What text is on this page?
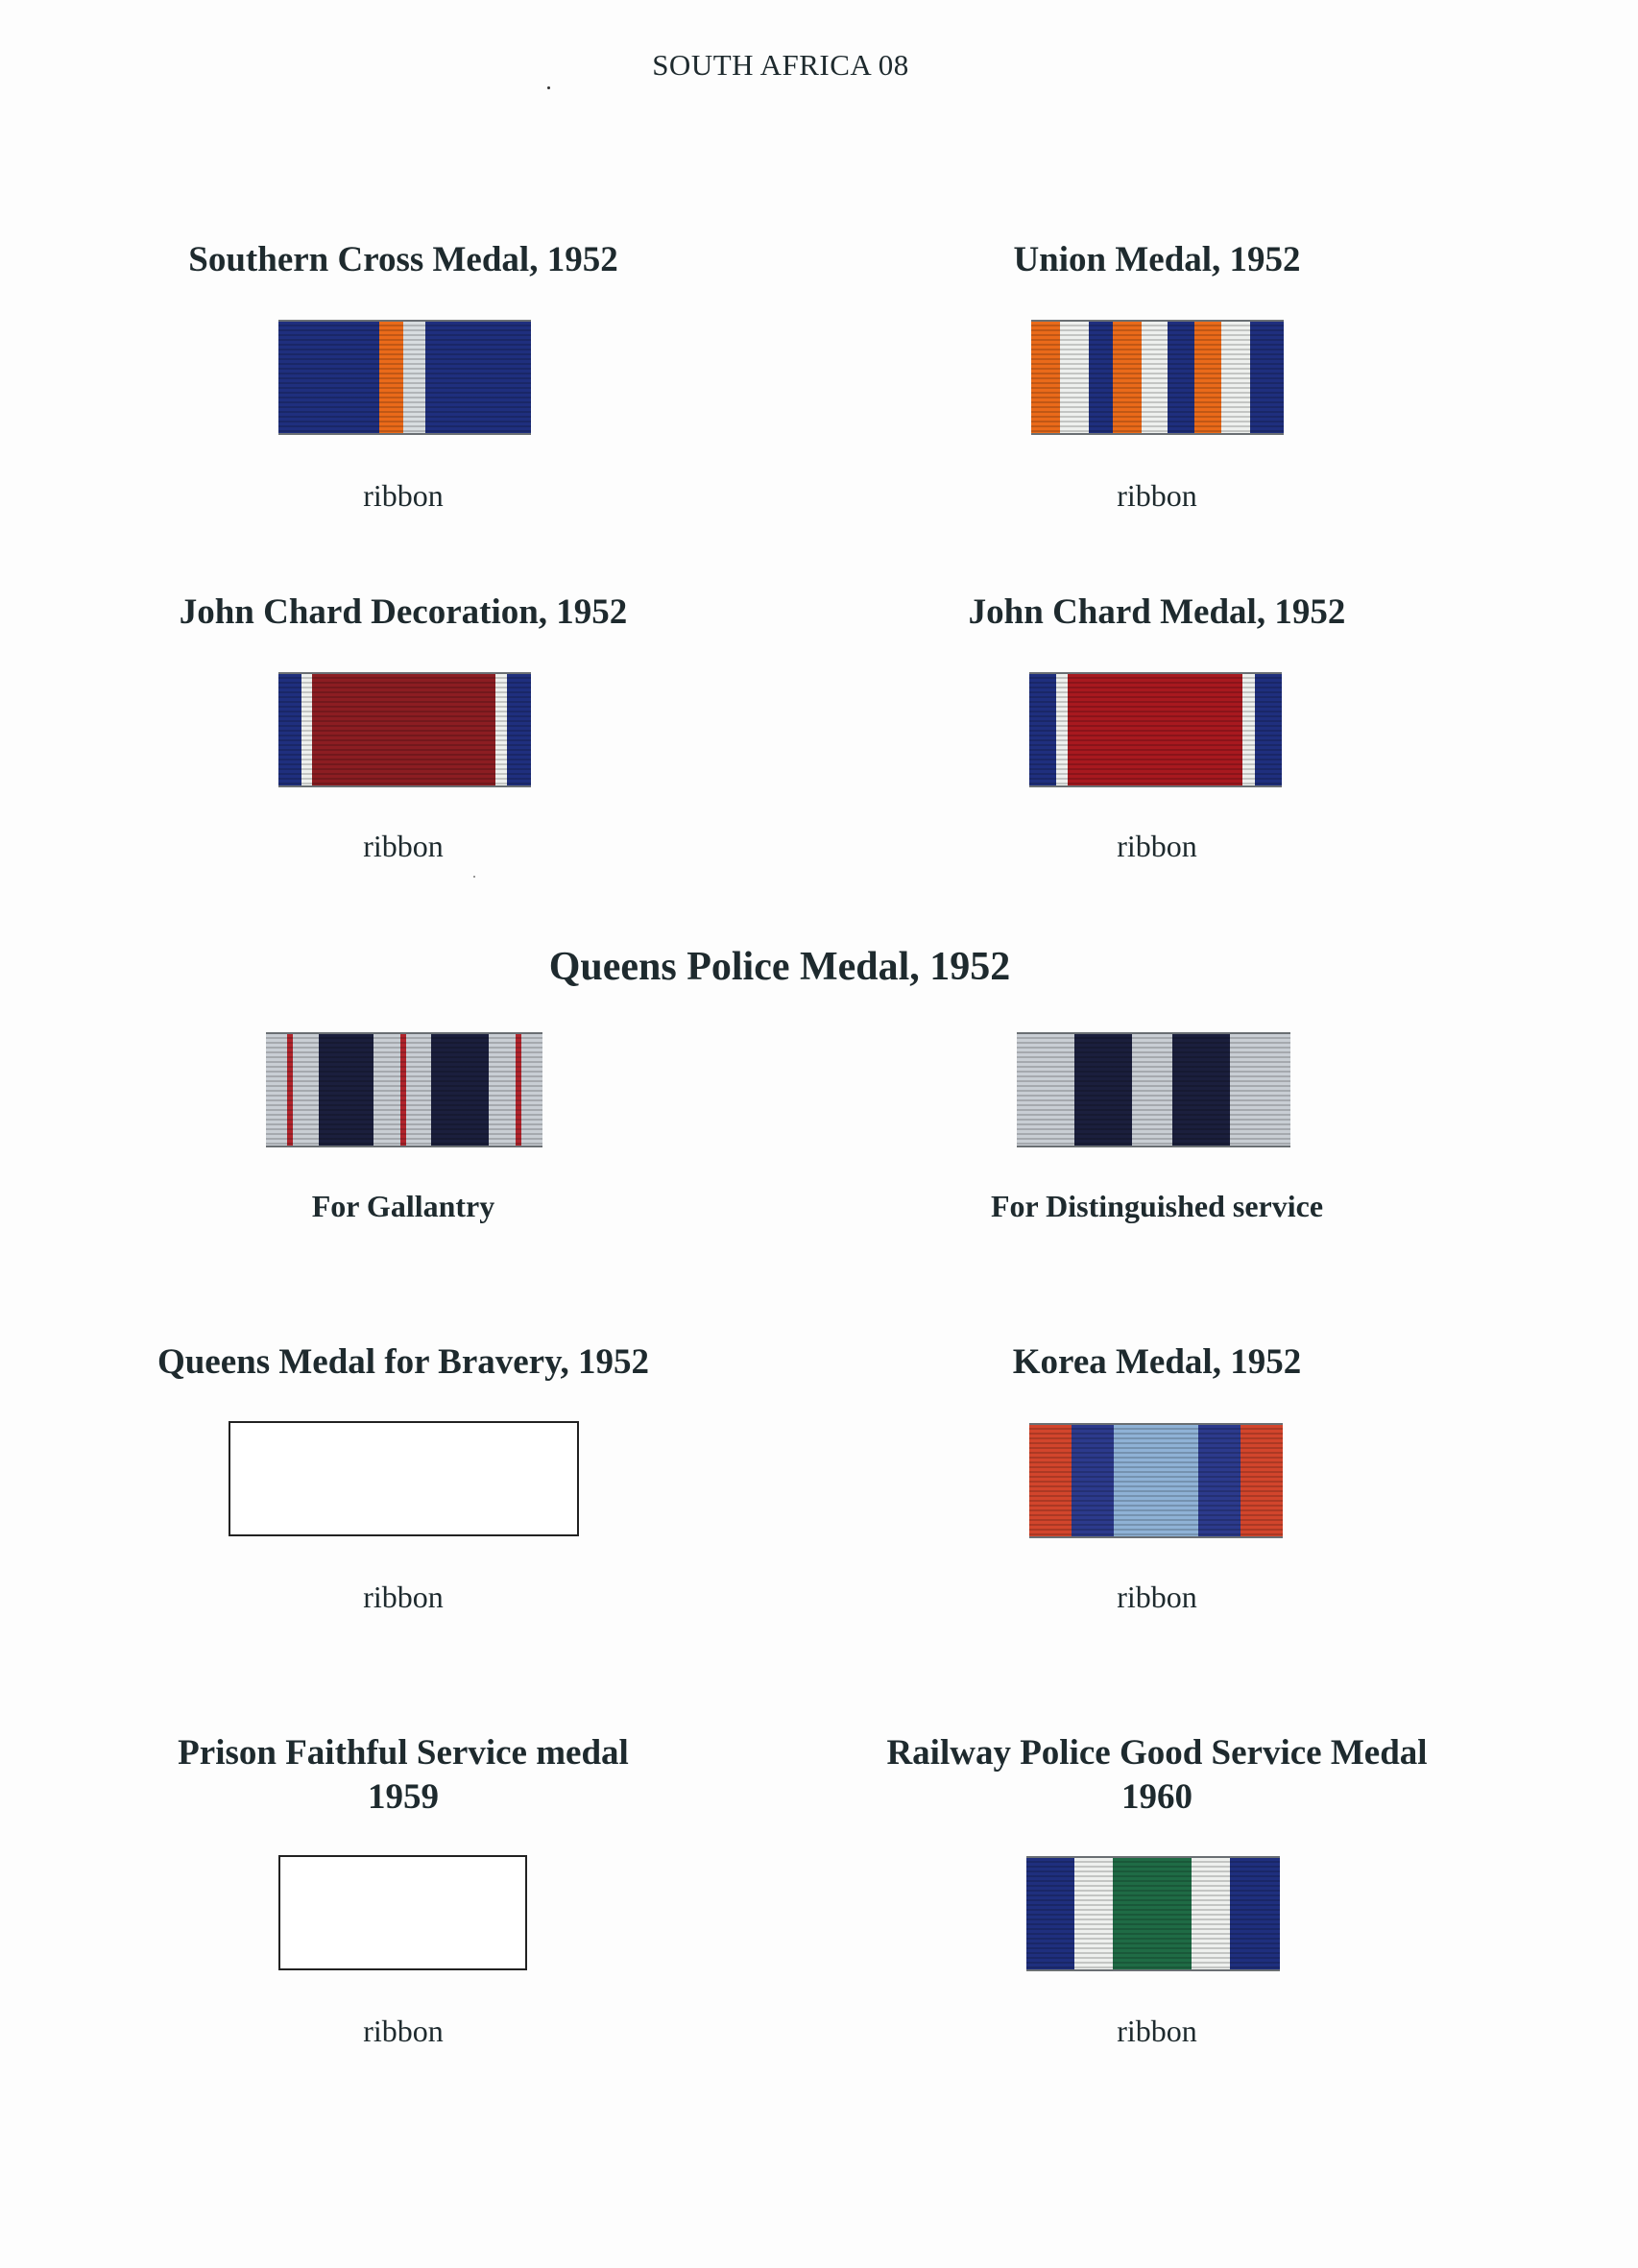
SOUTH AFRICA 08
Southern Cross Medal, 1952
ribbon
Union Medal, 1952
ribbon
John Chard Decoration, 1952
ribbon
John Chard Medal, 1952
ribbon
Queens Police Medal, 1952
For Gallantry	For Distinguished service
Queens Medal for Bravery, 1952
ribbon
Korea Medal, 1952
ribbon
Prison Faithful Service medal
1959
ribbon
Railway Police Good Service Medal
1960
ribbon
